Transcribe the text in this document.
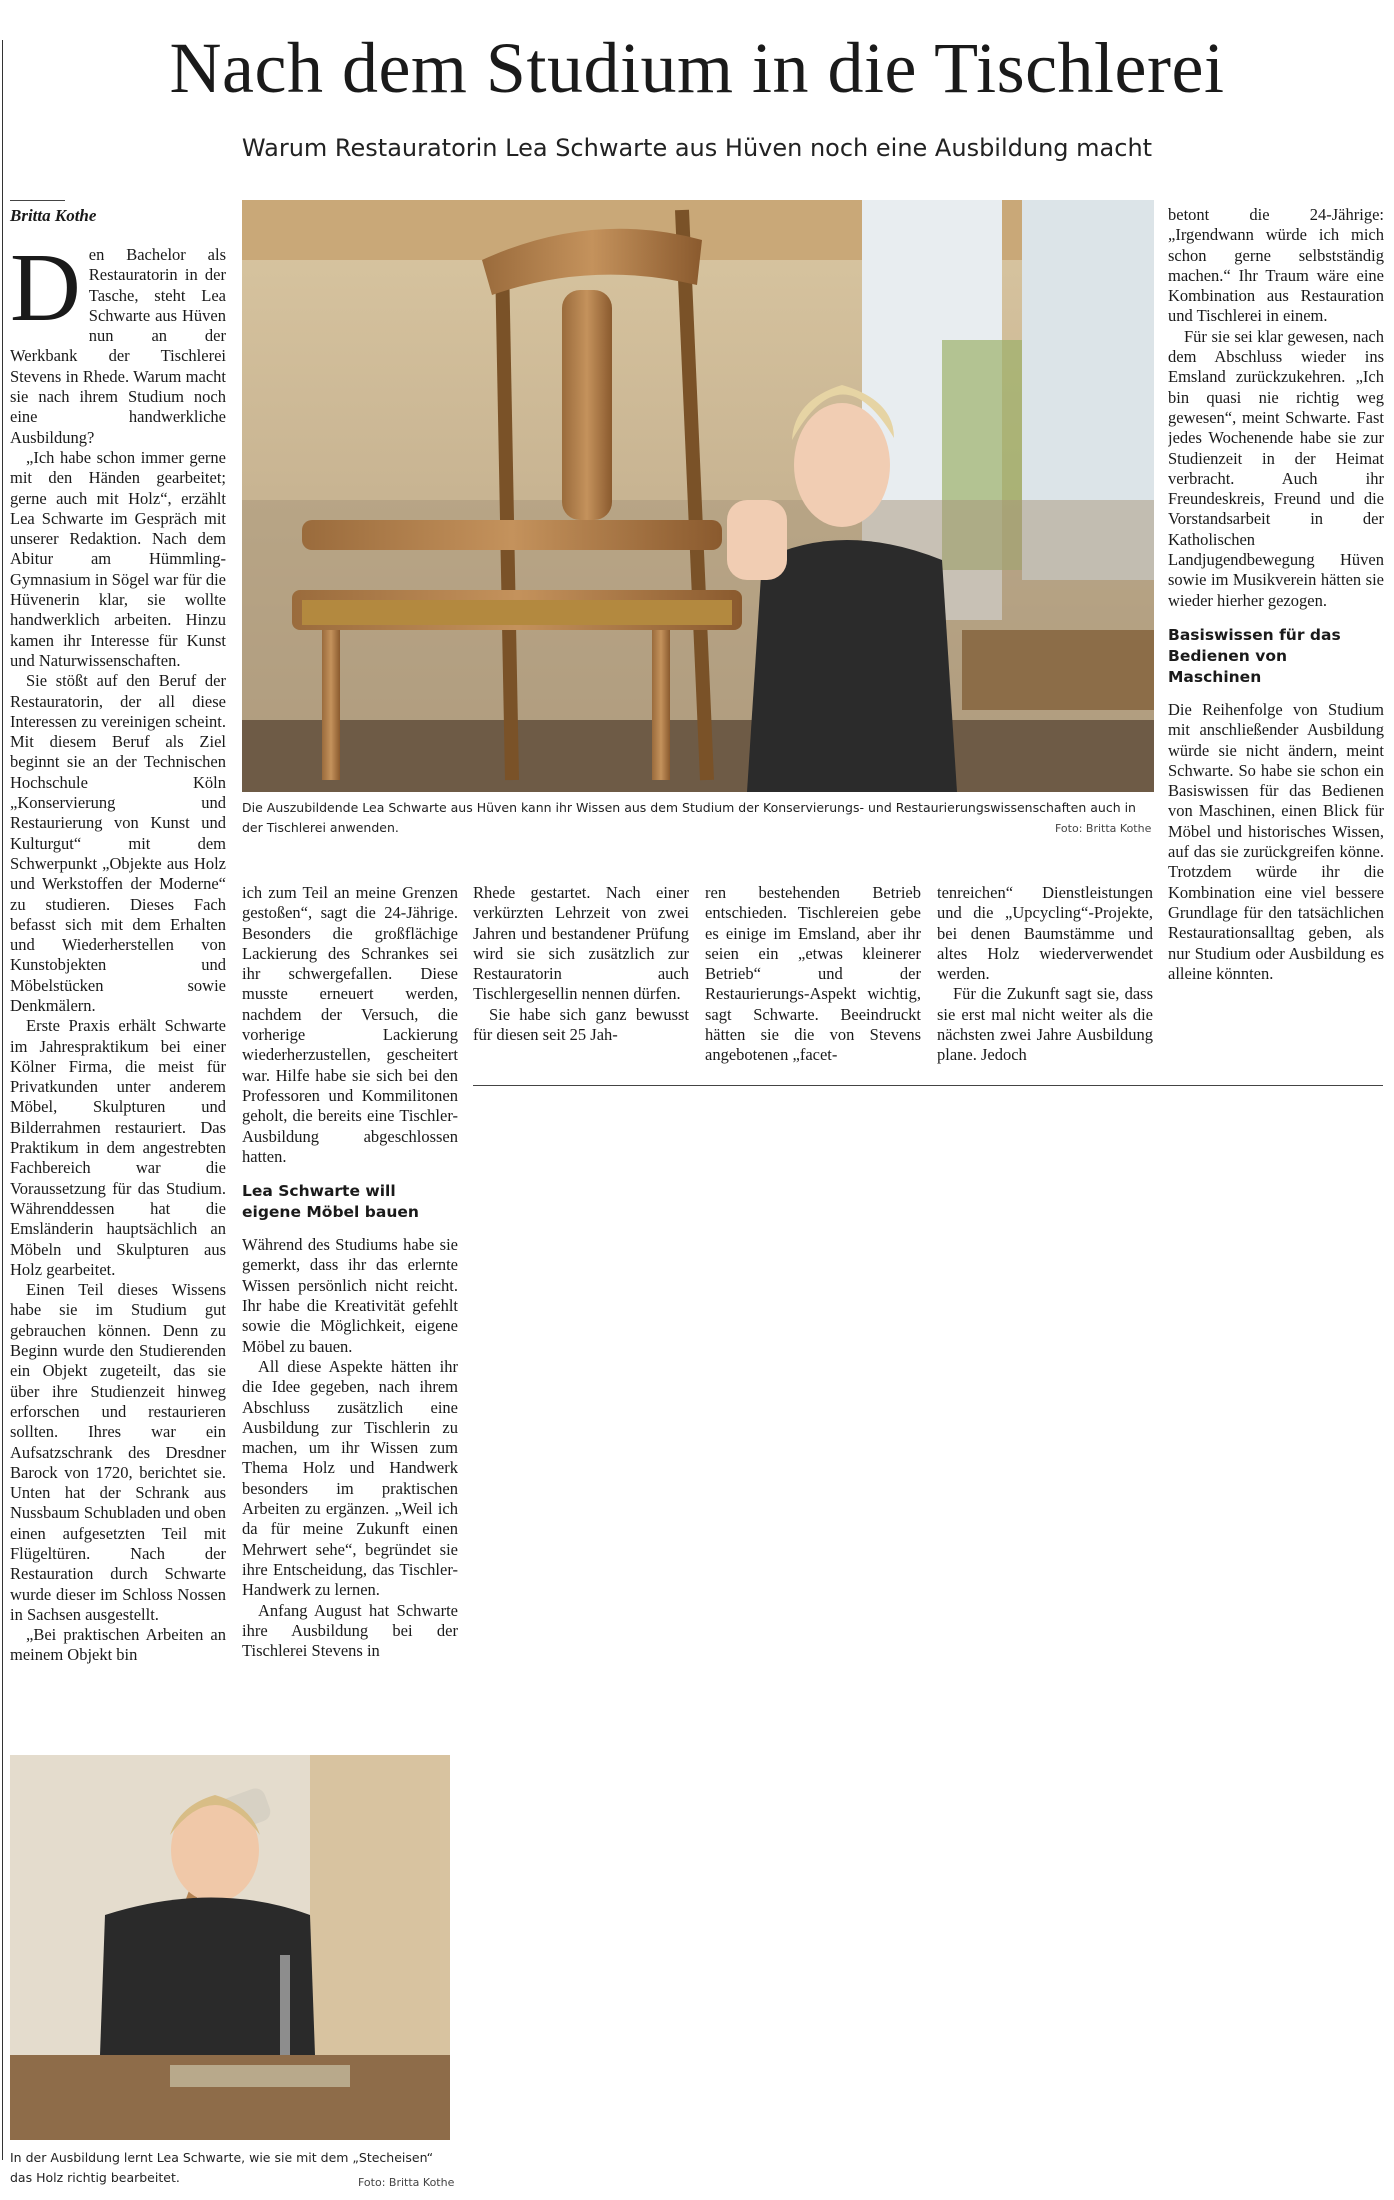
Nach dem Studium in die Tischlerei
Warum Restauratorin Lea Schwarte aus Hüven noch eine Ausbildung macht
Britta Kothe

Den Bachelor als Restauratorin in der Tasche, steht Lea Schwarte aus Hüven nun an der Werkbank der Tischlerei Stevens in Rhede. Warum macht sie nach ihrem Studium noch eine handwerkliche Ausbildung?

„Ich habe schon immer gerne mit den Händen gearbeitet; gerne auch mit Holz“, erzählt Lea Schwarte im Gespräch mit unserer Redaktion. Nach dem Abitur am Hümmling-Gymnasium in Sögel war für die Hüvenerin klar, sie wollte handwerklich arbeiten. Hinzu kamen ihr Interesse für Kunst und Naturwissenschaften.

Sie stößt auf den Beruf der Restauratorin, der all diese Interessen zu vereinigen scheint. Mit diesem Beruf als Ziel beginnt sie an der Technischen Hochschule Köln „Konservierung und Restaurierung von Kunst und Kulturgut“ mit dem Schwerpunkt „Objekte aus Holz und Werkstoffen der Moderne“ zu studieren. Dieses Fach befasst sich mit dem Erhalten und Wiederherstellen von Kunstobjekten und Möbelstücken sowie Denkmälern.

Erste Praxis erhält Schwarte im Jahrespraktikum bei einer Kölner Firma, die meist für Privatkunden unter anderem Möbel, Skulpturen und Bilderrahmen restauriert. Das Praktikum in dem angestrebten Fachbereich war die Voraussetzung für das Studium. Währenddessen hat die Emsländerin hauptsächlich an Möbeln und Skulpturen aus Holz gearbeitet.

Einen Teil dieses Wissens habe sie im Studium gut gebrauchen können. Denn zu Beginn wurde den Studierenden ein Objekt zugeteilt, das sie über ihre Studienzeit hinweg erforschen und restaurieren sollten. Ihres war ein Aufsatzschrank des Dresdner Barock von 1720, berichtet sie. Unten hat der Schrank aus Nussbaum Schubladen und oben einen aufgesetzten Teil mit Flügeltüren. Nach der Restauration durch Schwarte wurde dieser im Schloss Nossen in Sachsen ausgestellt.

„Bei praktischen Arbeiten an meinem Objekt bin

Die Auszubildende Lea Schwarte aus Hüven kann ihr Wissen aus dem Studium der Konservierungs- und Restaurierungswissenschaften auch in der Tischlerei anwenden.	Foto: Britta Kothe

ich zum Teil an meine Grenzen gestoßen“, sagt die 24-Jährige. Besonders die großflächige Lackierung des Schrankes sei ihr schwergefallen. Diese musste erneuert werden, nachdem der Versuch, die vorherige Lackierung wiederherzustellen, gescheitert war. Hilfe habe sie sich bei den Professoren und Kommilitonen geholt, die bereits eine Tischler-Ausbildung abgeschlossen hatten.

Lea Schwarte will eigene Möbel bauen

Während des Studiums habe sie gemerkt, dass ihr das erlernte Wissen persönlich nicht reicht. Ihr habe die Kreativität gefehlt sowie die Möglichkeit, eigene Möbel zu bauen.

All diese Aspekte hätten ihr die Idee gegeben, nach ihrem Abschluss zusätzlich eine Ausbildung zur Tischlerin zu machen, um ihr Wissen zum Thema Holz und Handwerk besonders im praktischen Arbeiten zu ergänzen. „Weil ich da für meine Zukunft einen Mehrwert sehe“, begründet sie ihre Entscheidung, das Tischler-Handwerk zu lernen.

Anfang August hat Schwarte ihre Ausbildung bei der Tischlerei Stevens in

Rhede gestartet. Nach einer verkürzten Lehrzeit von zwei Jahren und bestandener Prüfung wird sie sich zusätzlich zur Restauratorin auch Tischlergesellin nennen dürfen.

Sie habe sich ganz bewusst für diesen seit 25 Jah-

ren bestehenden Betrieb entschieden. Tischlereien gebe es einige im Emsland, aber ihr seien ein „etwas kleinerer Betrieb“ und der Restaurierungs-Aspekt wichtig, sagt Schwarte. Beeindruckt hätten sie die von Stevens angebotenen „facet-

tenreichen“ Dienstleistungen und die „Upcycling“-Projekte, bei denen Baumstämme und altes Holz wiederverwendet werden.

Für die Zukunft sagt sie, dass sie erst mal nicht weiter als die nächsten zwei Jahre Ausbildung plane. Jedoch

betont die 24-Jährige: „Irgendwann würde ich mich schon gerne selbstständig machen.“ Ihr Traum wäre eine Kombination aus Restauration und Tischlerei in einem.

Für sie sei klar gewesen, nach dem Abschluss wieder ins Emsland zurückzukehren. „Ich bin quasi nie richtig weg gewesen“, meint Schwarte. Fast jedes Wochenende habe sie zur Studienzeit in der Heimat verbracht. Auch ihr Freundeskreis, Freund und die Vorstandsarbeit in der Katholischen Landjugendbewegung Hüven sowie im Musikverein hätten sie wieder hierher gezogen.

Basiswissen für das Bedienen von Maschinen

Die Reihenfolge von Studium mit anschließender Ausbildung würde sie nicht ändern, meint Schwarte. So habe sie schon ein Basiswissen für das Bedienen von Maschinen, einen Blick für Möbel und historisches Wissen, auf das sie zurückgreifen könne. Trotzdem würde ihr die Kombination eine viel bessere Grundlage für den tatsächlichen Restaurationsalltag geben, als nur Studium oder Ausbildung es alleine könnten.

In der Ausbildung lernt Lea Schwarte, wie sie mit dem „Stecheisen“ das Holz richtig bearbeitet.	Foto: Britta Kothe
